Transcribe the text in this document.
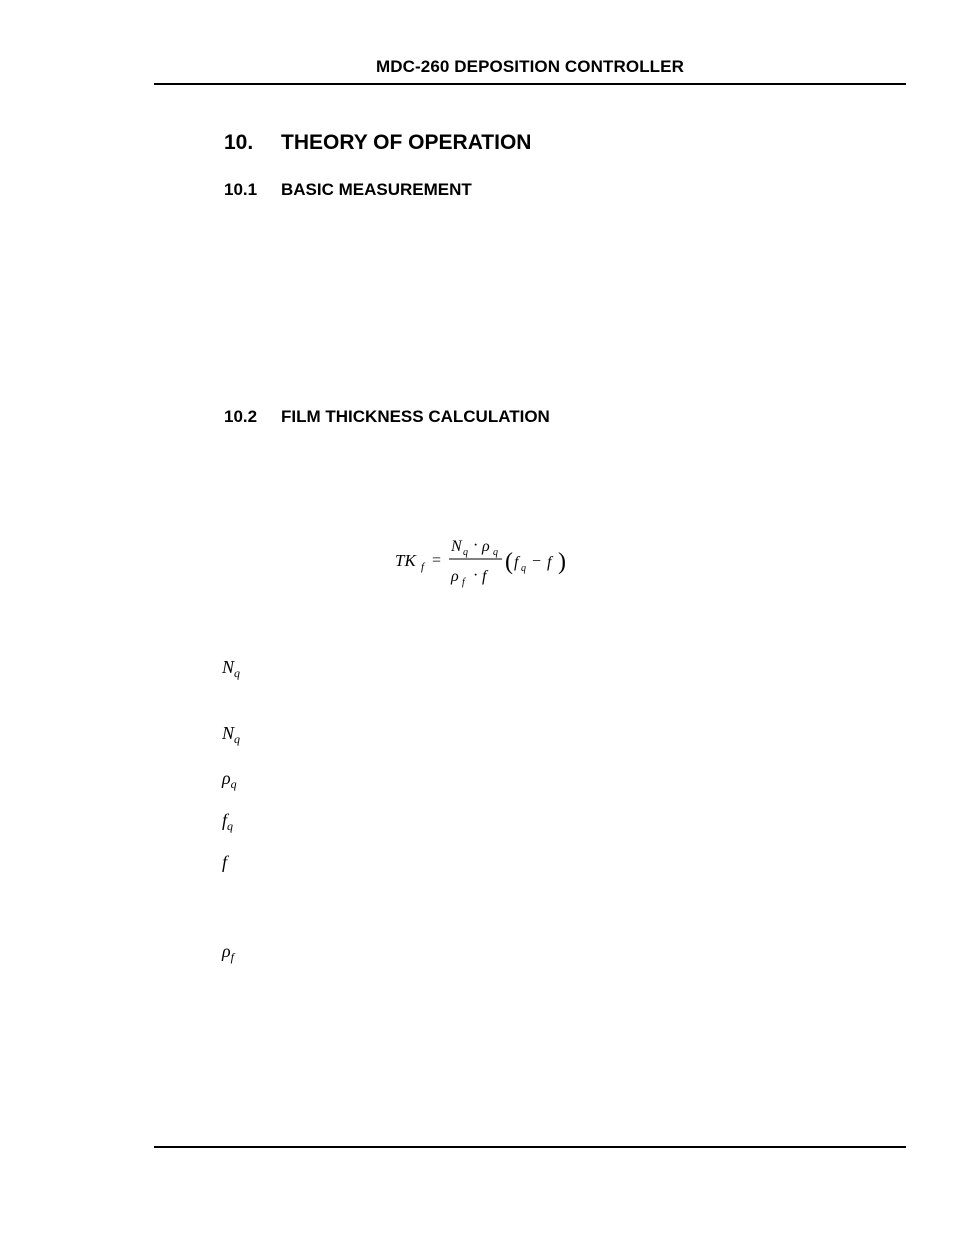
MDC-260 DEPOSITION CONTROLLER
10. THEORY OF OPERATION
10.1 BASIC MEASUREMENT
10.2 FILM THICKNESS CALCULATION
TK f =
N q · ρ q
ρ f · f
( f q − f )
$N_q$
$N_q$
$\rho_q$
$f_q$
f
$\rho_f$
